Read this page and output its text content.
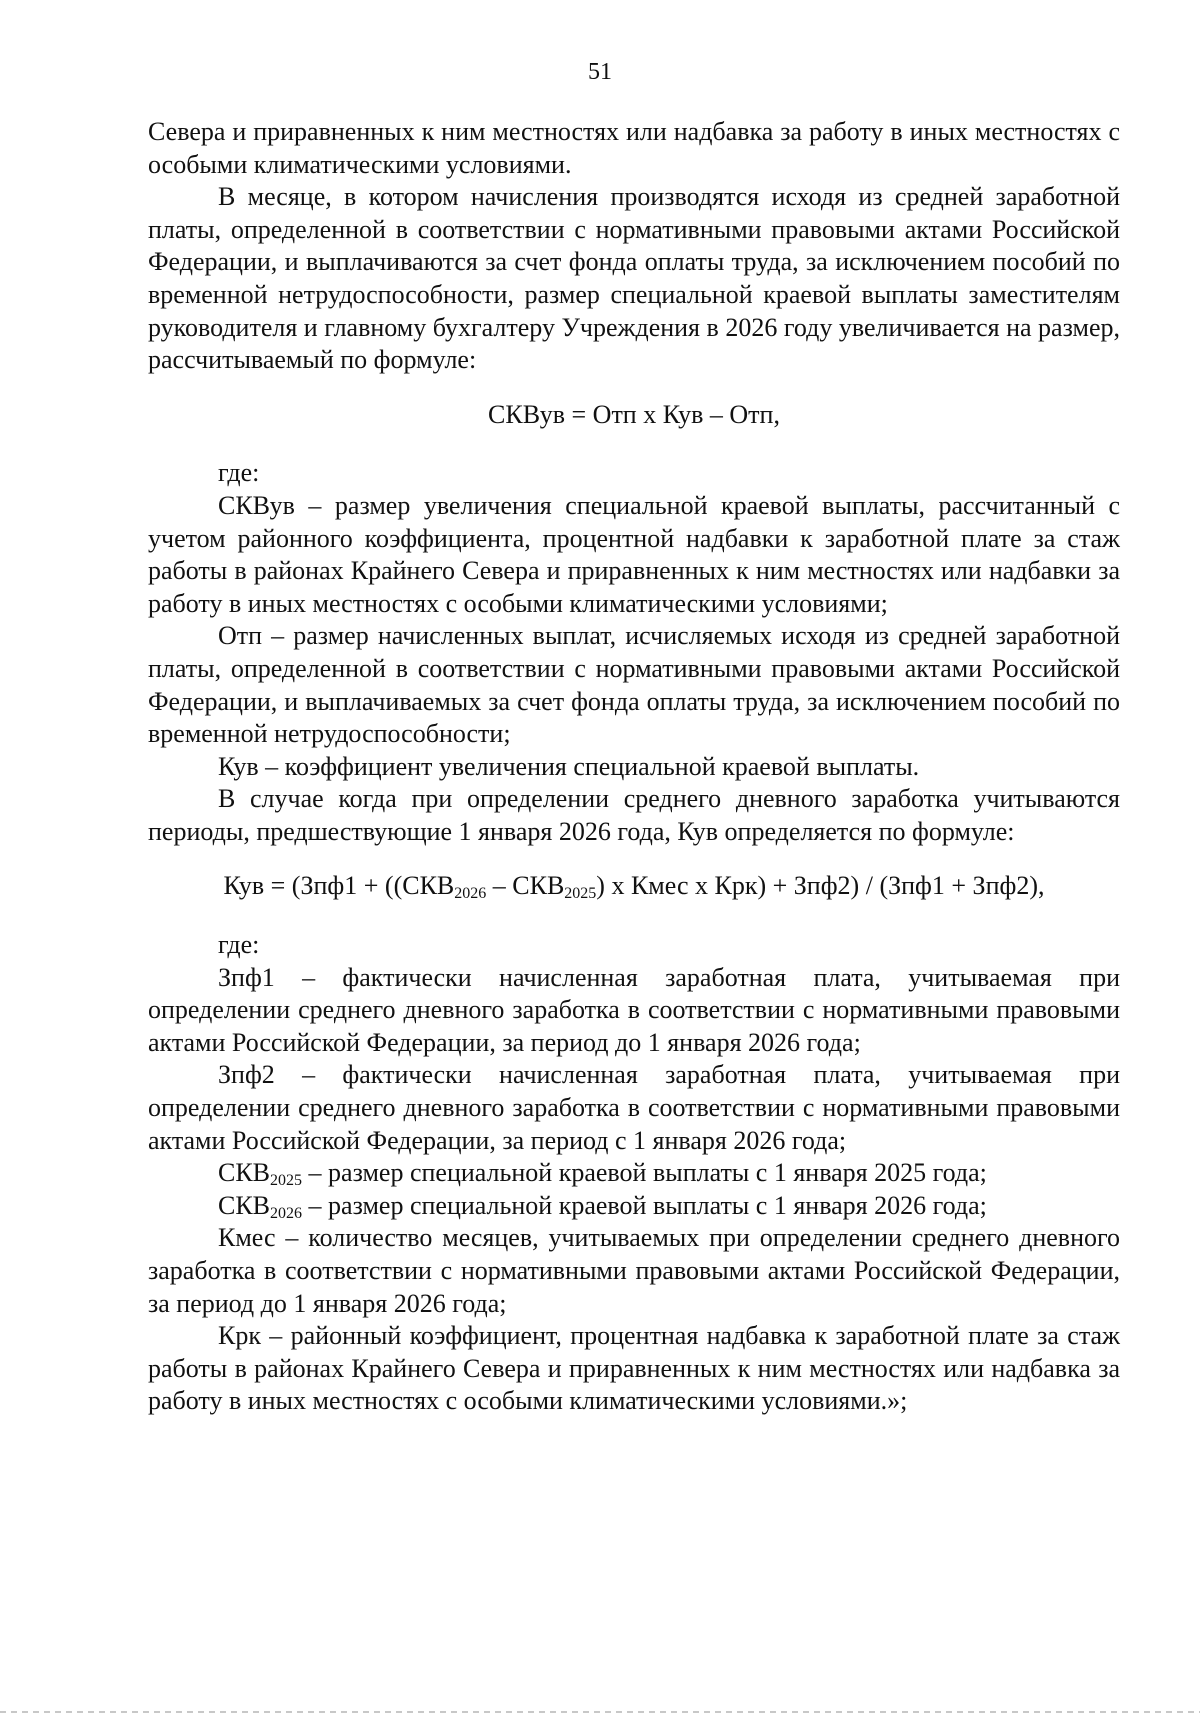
51

Севера и приравненных к ним местностях или надбавка за работу в иных местностях с особыми климатическими условиями.

В месяце, в котором начисления производятся исходя из средней заработной платы, определенной в соответствии с нормативными правовыми актами Российской Федерации, и выплачиваются за счет фонда оплаты труда, за исключением пособий по временной нетрудоспособности, размер специальной краевой выплаты заместителям руководителя и главному бухгалтеру Учреждения в 2026 году увеличивается на размер, рассчитываемый по формуле:

СКВув = Отп х Кув – Отп,

где:

СКВув – размер увеличения специальной краевой выплаты, рассчитанный с учетом районного коэффициента, процентной надбавки к заработной плате за стаж работы в районах Крайнего Севера и приравненных к ним местностях или надбавки за работу в иных местностях с особыми климатическими условиями;

Отп – размер начисленных выплат, исчисляемых исходя из средней заработной платы, определенной в соответствии с нормативными правовыми актами Российской Федерации, и выплачиваемых за счет фонда оплаты труда, за исключением пособий по временной нетрудоспособности;

Кув – коэффициент увеличения специальной краевой выплаты.

В случае когда при определении среднего дневного заработка учитываются периоды, предшествующие 1 января 2026 года, Кув определяется по формуле:

Кув = ($Зпф1 + ((СКВ_{2026} - СКВ_{2025})$ х Кмес х Крк) + Зпф2) / (Зпф1 + Зпф2),

где:

Зпф1 – фактически начисленная заработная плата, учитываемая при определении среднего дневного заработка в соответствии с нормативными правовыми актами Российской Федерации, за период до 1 января 2026 года;

Зпф2 – фактически начисленная заработная плата, учитываемая при определении среднего дневного заработка в соответствии с нормативными правовыми актами Российской Федерации, за период с 1 января 2026 года;

$СКВ_{2025}$ – размер специальной краевой выплаты с 1 января 2025 года;

$СКВ_{2026}$ – размер специальной краевой выплаты с 1 января 2026 года;

Кмес – количество месяцев, учитываемых при определении среднего дневного заработка в соответствии с нормативными правовыми актами Российской Федерации, за период до 1 января 2026 года;

Крк – районный коэффициент, процентная надбавка к заработной плате за стаж работы в районах Крайнего Севера и приравненных к ним местностях или надбавка за работу в иных местностях с особыми климатическими условиями.»;
